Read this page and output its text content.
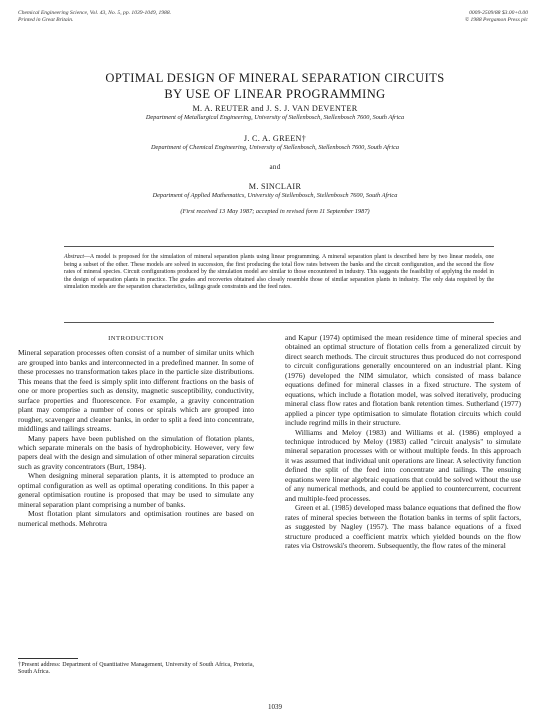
Chemical Engineering Science, Vol. 43, No. 5, pp. 1039-1049, 1988.
Printed in Great Britain.
0009-2509/88 $3.00+0.00
© 1988 Pergamon Press plc
OPTIMAL DESIGN OF MINERAL SEPARATION CIRCUITS
BY USE OF LINEAR PROGRAMMING
M. A. REUTER and J. S. J. VAN DEVENTER
Department of Metallurgical Engineering, University of Stellenbosch, Stellenbosch 7600, South Africa
J. C. A. GREEN†
Department of Chemical Engineering, University of Stellenbosch, Stellenbosch 7600, South Africa
and
M. SINCLAIR
Department of Applied Mathematics, University of Stellenbosch, Stellenbosch 7600, South Africa
(First received 13 May 1987; accepted in revised form 11 September 1987)
Abstract—A model is proposed for the simulation of mineral separation plants using linear programming. A mineral separation plant is described here by two linear models, one being a subset of the other. These models are solved in succession, the first producing the total flow rates between the banks and the circuit configuration, and the second the flow rates of mineral species. Circuit configurations produced by the simulation model are similar to those encountered in industry. This suggests the feasibility of applying the model in the design of separation plants in practice. The grades and recoveries obtained also closely resemble those of similar separation plants in industry. The only data required by the simulation models are the separation characteristics, tailings grade constraints and the feed rates.
INTRODUCTION

Mineral separation processes often consist of a number of similar units which are grouped into banks and interconnected in a predefined manner. In some of these processes no transformation takes place in the particle size distributions. This means that the feed is simply split into different fractions on the basis of one or more properties such as density, magnetic susceptibility, conductivity, surface properties and fluorescence. For example, a gravity concentration plant may comprise a number of cones or spirals which are grouped into rougher, scavenger and cleaner banks, in order to split a feed into concentrate, middlings and tailings streams.

Many papers have been published on the simulation of flotation plants, which separate minerals on the basis of hydrophobicity. However, very few papers deal with the design and simulation of other mineral separation circuits such as gravity concentrators (Burt, 1984).

When designing mineral separation plants, it is attempted to produce an optimal configuration as well as optimal operating conditions. In this paper a general optimisation routine is proposed that may be used to simulate any mineral separation plant comprising a number of banks.

Most flotation plant simulators and optimisation routines are based on numerical methods. Mehrotra

and Kapur (1974) optimised the mean residence time of mineral species and obtained an optimal structure of flotation cells from a generalized circuit by direct search methods. The circuit structures thus produced do not correspond to circuit configurations generally encountered on an industrial plant. King (1976) developed the NIM simulator, which consisted of mass balance equations defined for mineral classes in a fixed structure. The system of equations, which include a flotation model, was solved iteratively, producing mineral class flow rates and flotation bank retention times. Sutherland (1977) applied a pincer type optimisation to simulate flotation circuits which could include regrind mills in their structure.

Williams and Meloy (1983) and Williams et al. (1986) employed a technique introduced by Meloy (1983) called "circuit analysis" to simulate mineral separation processes with or without multiple feeds. In this approach it was assumed that individual unit operations are linear. A selectivity function defined the split of the feed into concentrate and tailings. The ensuing equations were linear algebraic equations that could be solved without the use of any numerical methods, and could be applied to countercurrent, cocurrent and multiple-feed processes.

Green et al. (1985) developed mass balance equations that defined the flow rates of mineral species between the flotation banks in terms of split factors, as suggested by Nagley (1957). The mass balance equations of a fixed structure produced a coefficient matrix which yielded bounds on the flow rates via Ostrowski's theorem. Subsequently, the flow rates of the mineral

†Present address: Department of Quantitative Management, University of South Africa, Pretoria, South Africa.
1039
